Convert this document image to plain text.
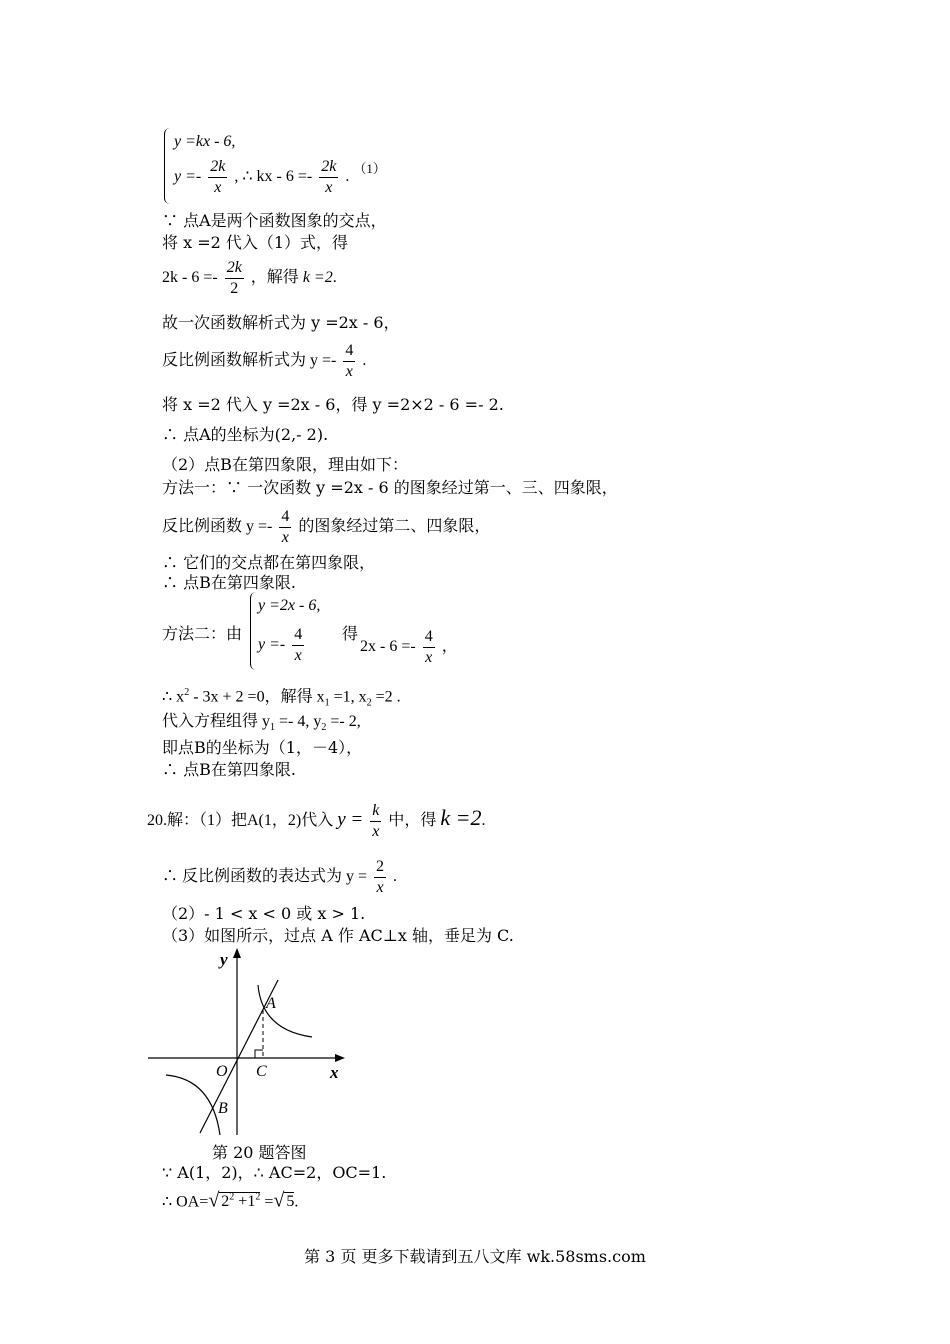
y =kx - 6,
$y =- \frac{2k}{x}$ , ∴ kx - $6 =- \frac{2k}{x}$ . $^{(1)}$
∵ 点A是两个函数图象的交点，
将 x =2 代入（1）式，得
$2k - 6 =- \frac{2k}{2}$ ，解得 k =2.
故一次函数解析式为 y =2x - 6，
反比例函数解析式为 $y =- \frac{4}{x}$ .
将 x =2 代入 y =2x - 6，得 y =2×2 - 6 =- 2.
∴ 点A的坐标为(2,- 2).
（2）点B在第四象限，理由如下：
方法一：∵ 一次函数 y =2x - 6 的图象经过第一、三、四象限，
反比例函数 $y =- \frac{4}{x}$ 的图象经过第二、四象限，
∴ 它们的交点都在第四象限，
∴ 点B在第四象限.
y =2x - 6,
方法二：由
$y =- \frac{4}{x}$ 得
$2x - 6 =- \frac{4}{x}$ ，
∴ $x^2 - 3x + 2 =0$，解得 $x_1 =1$, $x_2 =2$ .
代入方程组得 $y_1 =- 4$, $y_2 =- 2$,
即点B的坐标为（1，－4），
∴ 点B在第四象限.
20.解：（1）把A(1，2)代入 $y = \frac{k}{x}$ 中，得 k =2.
∴ 反比例函数的表达式为 $y = \frac{2}{x}$ .
（2）- 1 < x < 0 或 x > 1.
（3）如图所示，过点 A 作 AC⊥x 轴，垂足为 C.
y
x
O
A
B
C
第 20 题答图
∵ A(1，2)，∴ AC=2，OC=1.
∴ OA=√ $2^2 +1^2$ =√ 5.
第 3 页 更多下载请到五八文库 wk.58sms.com
